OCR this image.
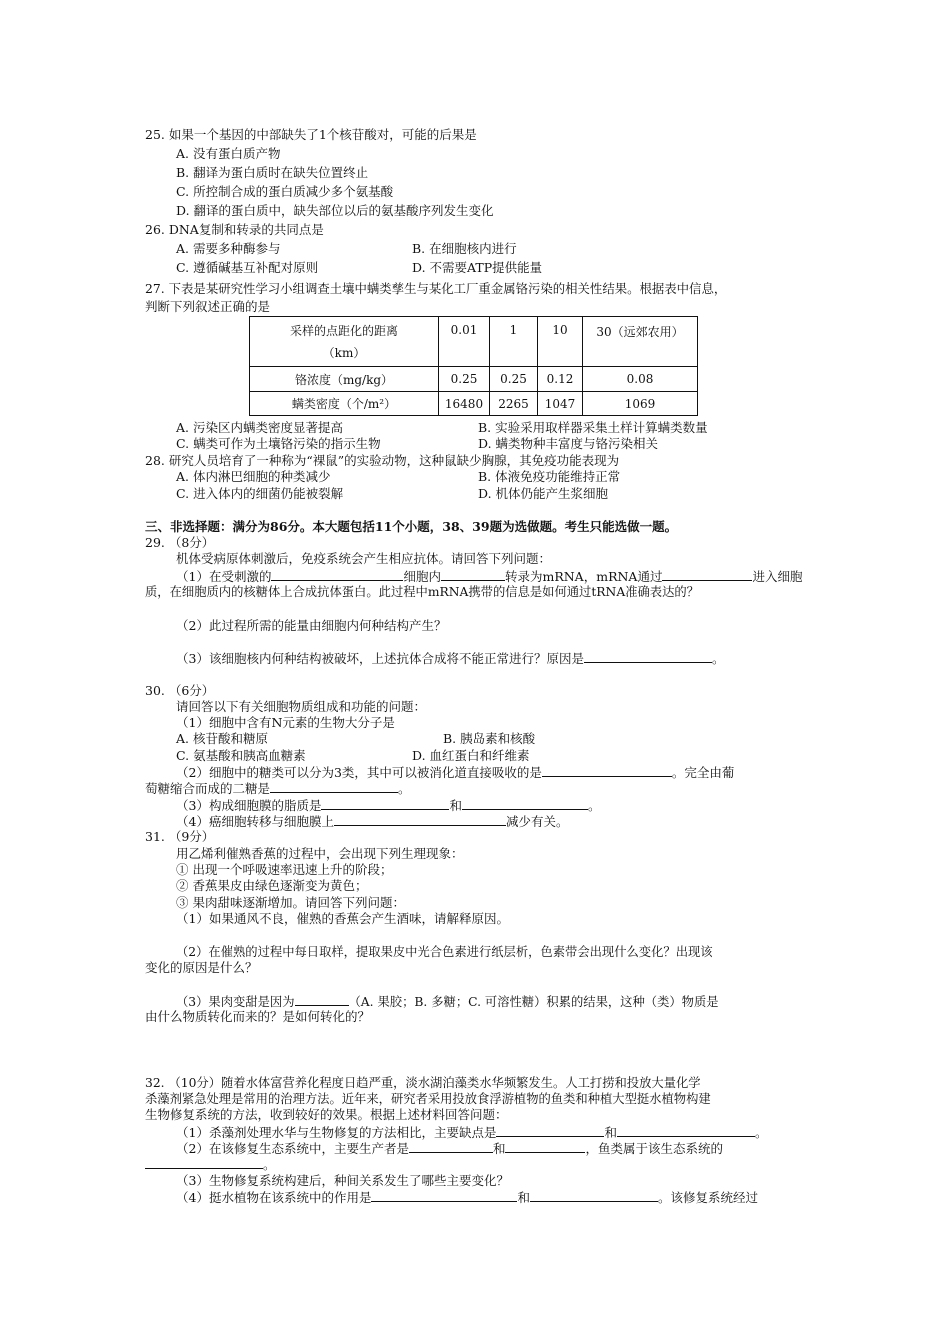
25. 如果一个基因的中部缺失了1个核苷酸对，可能的后果是
A. 没有蛋白质产物
B. 翻译为蛋白质时在缺失位置终止
C. 所控制合成的蛋白质减少多个氨基酸
D. 翻译的蛋白质中，缺失部位以后的氨基酸序列发生变化
26. DNA复制和转录的共同点是
A. 需要多种酶参与	B. 在细胞核内进行
C. 遵循碱基互补配对原则	D. 不需要ATP提供能量
27. 下表是某研究性学习小组调查土壤中螨类孳生与某化工厂重金属铬污染的相关性结果。根据表中信息，
判断下列叙述正确的是
采样的点距化的距离
（km）	0.01	1	10	30（远郊农用）
铬浓度（mg/kg）	0.25	0.25	0.12	0.08
螨类密度（个/m²）	16480	2265	1047	1069
A. 污染区内螨类密度显著提高	B. 实验采用取样器采集土样计算螨类数量
C. 螨类可作为土壤铬污染的指示生物	D. 螨类物种丰富度与铬污染相关
28. 研究人员培育了一种称为“裸鼠”的实验动物，这种鼠缺少胸腺，其免疫功能表现为
A. 体内淋巴细胞的种类减少	B. 体液免疫功能维持正常
C. 进入体内的细菌仍能被裂解	D. 机体仍能产生浆细胞
三、非选择题：满分为86分。本大题包括11个小题，38、39题为选做题。考生只能选做一题。
29. （8分）
机体受病原体刺激后，免疫系统会产生相应抗体。请回答下列问题：
（1）在受刺激的	细胞内	转录为mRNA，mRNA通过	进入细胞
质，在细胞质内的核糖体上合成抗体蛋白。此过程中mRNA携带的信息是如何通过tRNA准确表达的？
（2）此过程所需的能量由细胞内何种结构产生？
（3）该细胞核内何种结构被破坏，上述抗体合成将不能正常进行？原因是	。
30. （6分）
请回答以下有关细胞物质组成和功能的问题：
（1）细胞中含有N元素的生物大分子是
A. 核苷酸和糖原	B. 胰岛素和核酸
C. 氨基酸和胰高血糖素	D. 血红蛋白和纤维素
（2）细胞中的糖类可以分为3类，其中可以被消化道直接吸收的是	。完全由葡
萄糖缩合而成的二糖是	。
（3）构成细胞膜的脂质是	和	。
（4）癌细胞转移与细胞膜上	减少有关。
31. （9分）
用乙烯利催熟香蕉的过程中，会出现下列生理现象：
① 出现一个呼吸速率迅速上升的阶段；
② 香蕉果皮由绿色逐渐变为黄色；
③ 果肉甜味逐渐增加。请回答下列问题：
（1）如果通风不良，催熟的香蕉会产生酒味，请解释原因。
（2）在催熟的过程中每日取样，提取果皮中光合色素进行纸层析，色素带会出现什么变化？出现该
变化的原因是什么？
（3）果肉变甜是因为	（A. 果胶；B. 多糖；C. 可溶性糖）积累的结果，这种（类）物质是
由什么物质转化而来的？是如何转化的？
32. （10分）随着水体富营养化程度日趋严重，淡水湖泊藻类水华频繁发生。人工打捞和投放大量化学
杀藻剂紧急处理是常用的治理方法。近年来，研究者采用投放食浮游植物的鱼类和种植大型挺水植物构建
生物修复系统的方法，收到较好的效果。根据上述材料回答问题：
（1）杀藻剂处理水华与生物修复的方法相比，主要缺点是	和	。
（2）在该修复生态系统中，主要生产者是	和	，鱼类属于该生态系统的
。
（3）生物修复系统构建后，种间关系发生了哪些主要变化？
（4）挺水植物在该系统中的作用是	和	。该修复系统经过
